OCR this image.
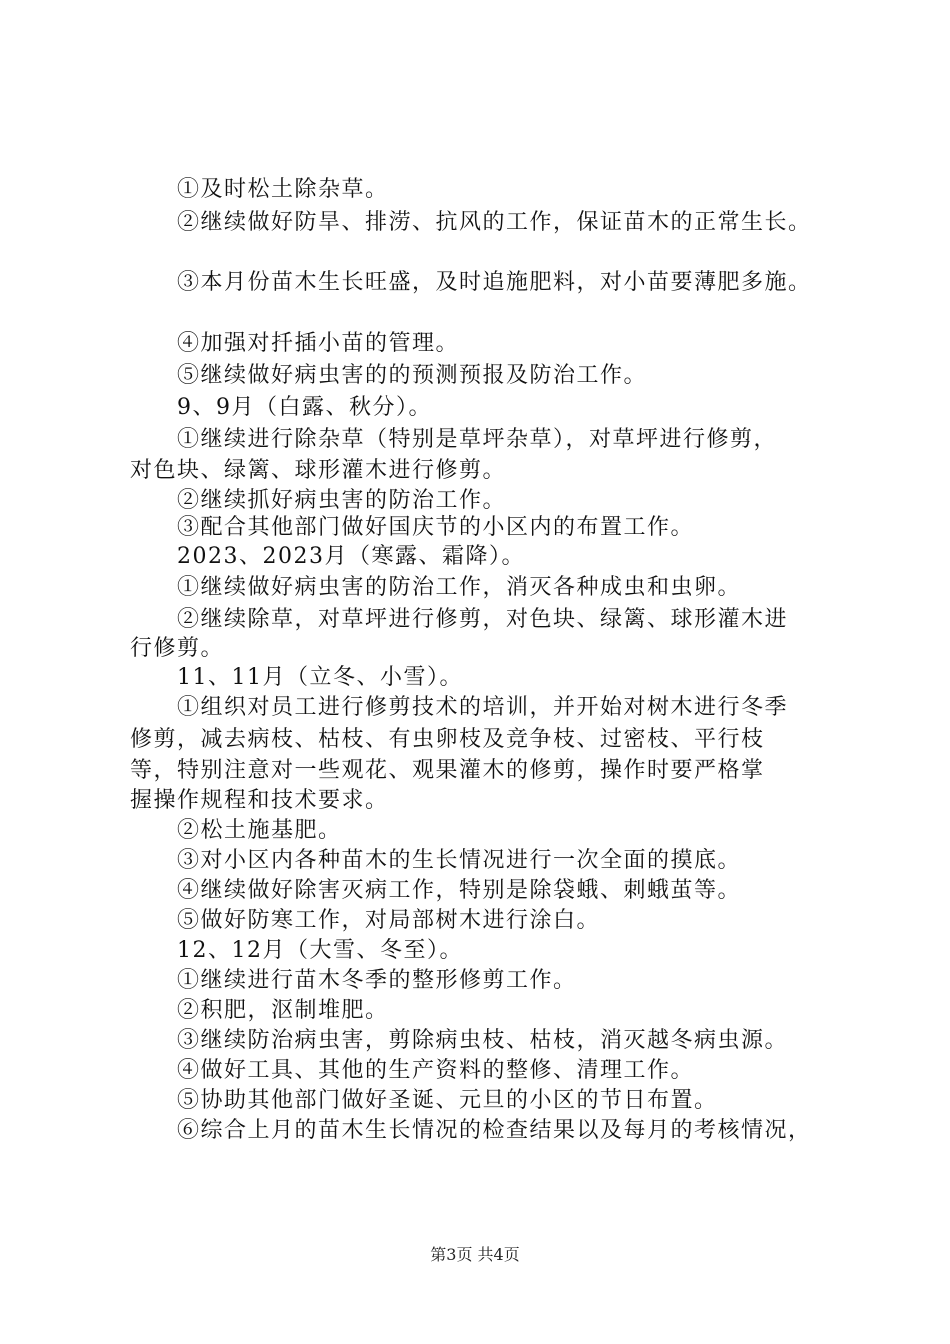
①及时松土除杂草。
②继续做好防旱、排涝、抗风的工作，保证苗木的正常生长。
③本月份苗木生长旺盛，及时追施肥料，对小苗要薄肥多施。
④加强对扦插小苗的管理。
⑤继续做好病虫害的的预测预报及防治工作。
9、9月（白露、秋分）。
①继续进行除杂草（特别是草坪杂草），对草坪进行修剪，
对色块、绿篱、球形灌木进行修剪。
②继续抓好病虫害的防治工作。
③配合其他部门做好国庆节的小区内的布置工作。
2023、2023月（寒露、霜降）。
①继续做好病虫害的防治工作，消灭各种成虫和虫卵。
②继续除草，对草坪进行修剪，对色块、绿篱、球形灌木进
行修剪。
11、11月（立冬、小雪）。
①组织对员工进行修剪技术的培训，并开始对树木进行冬季
修剪，减去病枝、枯枝、有虫卵枝及竞争枝、过密枝、平行枝
等，特别注意对一些观花、观果灌木的修剪，操作时要严格掌
握操作规程和技术要求。
②松土施基肥。
③对小区内各种苗木的生长情况进行一次全面的摸底。
④继续做好除害灭病工作，特别是除袋蛾、刺蛾茧等。
⑤做好防寒工作，对局部树木进行涂白。
12、12月（大雪、冬至）。
①继续进行苗木冬季的整形修剪工作。
②积肥，沤制堆肥。
③继续防治病虫害，剪除病虫枝、枯枝，消灭越冬病虫源。
④做好工具、其他的生产资料的整修、清理工作。
⑤协助其他部门做好圣诞、元旦的小区的节日布置。
⑥综合上月的苗木生长情况的检查结果以及每月的考核情况，
第3页 共4页
